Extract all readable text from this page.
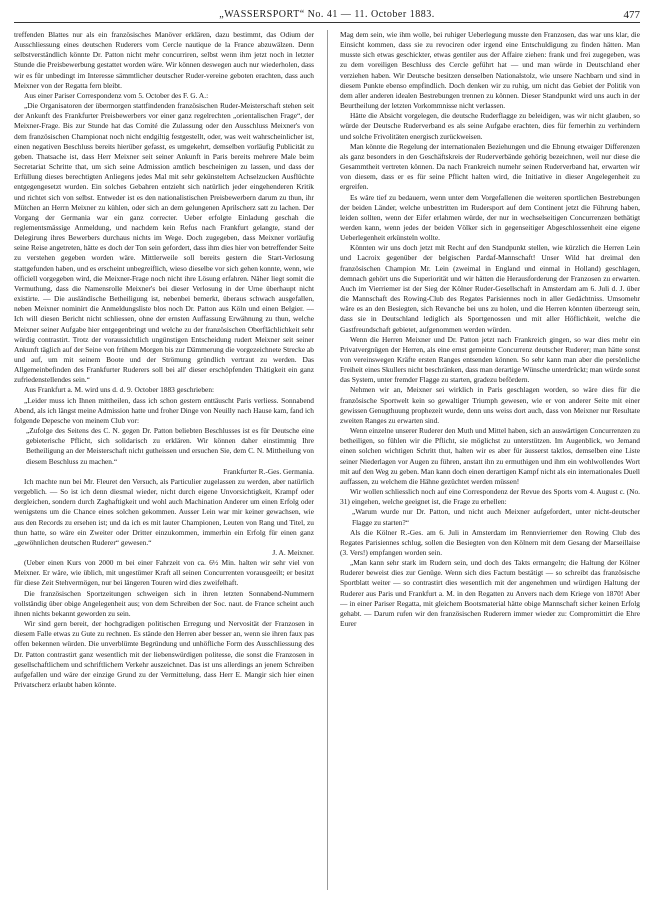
„WASSERSPORT“ No. 41 — 11. October 1883.	477

treffenden Blattes nur als ein französisches Manöver erklären, dazu bestimmt, das Odium der Ausschliessung eines deutschen Ruderers vom Cercle nautique de la France abzuwälzen. Denn selbstverständlich könnte Dr. Patton nicht mehr concurriren, selbst wenn ihm jetzt noch in letzter Stunde die Preisbewerbung gestattet worden wäre. Wir können deswegen auch nur wiederholen, dass wir es für unbedingt im Interesse sämmtlicher deutscher Ruder-vereine geboten erachten, dass auch Meixner von der Regatta fern bleibt.

Aus einer Pariser Correspondenz vom 5. October des F. G. A.:

„Die Organisatoren der übermorgen stattfindenden französischen Ruder-Meisterschaft stehen seit der Ankunft des Frankfurter Preisbewerbers vor einer ganz regelrechten „orientalischen Frage“, der Meixner-Frage. Bis zur Stunde hat das Comité die Zulassung oder den Ausschluss Meixner's von dem französischen Championat noch nicht endgiltig festgestellt, oder, was weit wahrscheinlicher ist, einen negativen Beschluss bereits hierüber gefasst, es umgekehrt, demselben vorläufig Publicität zu geben. Thatsache ist, dass Herr Meixner seit seiner Ankunft in Paris bereits mehrere Male beim Secretariat Schritte that, um sich seine Admission amtlich bescheinigen zu lassen, und dass der Erfüllung dieses berechtigten Anliegens jedes Mal mit sehr gekünsteltem Achselzucken Ausflüchte entgegengesetzt wurden. Ein solches Gebahren entzieht sich natürlich jeder eingehenderen Kritik und richtet sich von selbst. Entweder ist es den nationalistischen Preisbewerbern darum zu thun, ihr Mütchen an Herrn Meixner zu kühlen, oder sich an dem gelungenen Aprilscherz satt zu lachen. Der Vorgang der Germania war ein ganz correcter. Ueber erfolgte Einladung geschah die reglementsmässige Anmeldung, und nachdem kein Refus nach Frankfurt gelangte, stand der Delegirung ihres Bewerbers durchaus nichts im Wege. Doch zugegeben, dass Meixner vorläufig seine Reise angetreten, hätte es doch der Ton sein gefordert, dass ihm dies hier von betreffender Seite zu verstehen gegeben worden wäre. Mittlerweile soll bereits gestern die Start-Verlosung stattgefunden haben, und es erscheint unbegreiflich, wieso dieselbe vor sich gehen konnte, wenn, wie officiell vorgegeben wird, die Meixner-Frage noch nicht ihre Lösung erfahren. Näher liegt somit die Vermuthung, dass die Namensrolle Meixner's bei dieser Verlosung in der Urne überhaupt nicht existirte. — Die ausländische Betheiligung ist, nebenbei bemerkt, überaus schwach ausgefallen, neben Meixner nominirt die Anmeldungsliste blos noch Dr. Patton aus Köln und einen Belgier. — Ich will diesen Bericht nicht schliessen, ohne der ernsten Auffassung Erwähnung zu thun, welche Meixner seiner Aufgabe hier entgegenbringt und welche zu der französischen Oberflächlichkeit sehr würdig contrastirt. Trotz der voraussichtlich ungünstigen Entscheidung rudert Meixner seit seiner Ankunft täglich auf der Seine von frühem Morgen bis zur Dämmerung die vorgezeichnete Strecke ab und auf, um mit seinem Boote und der Strömung gründlich vertraut zu werden. Das Allgemeinbefinden des Frankfurter Ruderers soll bei all' dieser erschöpfenden Thätigkeit ein ganz zufriedenstellendes sein.“

Aus Frankfurt a. M. wird uns d. d. 9. October 1883 geschrieben:

„Leider muss ich Ihnen mittheilen, dass ich schon gestern enttäuscht Paris verliess. Sonnabend Abend, als ich längst meine Admission hatte und froher Dinge von Neuilly nach Hause kam, fand ich folgende Depesche von meinem Club vor:

„Zufolge des Seitens des C. N. gegen Dr. Patton beliebten Beschlusses ist es für Deutsche eine gebieterische Pflicht, sich solidarisch zu erklären. Wir können daher einstimmig Ihre Betheiligung an der Meisterschaft nicht gutheissen und ersuchen Sie, dem C. N. Mittheilung von diesem Beschluss zu machen.“

Frankfurter R.-Ges. Germania.

Ich machte nun bei Mr. Fleuret den Versuch, als Particulier zugelassen zu werden, aber natürlich vergeblich. — So ist ich denn diesmal wieder, nicht durch eigene Unvorsichtigkeit, Krampf oder dergleichen, sondern durch Zaghaftigkeit und wohl auch Machination Anderer um einen Erfolg oder wenigstens um die Chance eines solchen gekommen. Ausser Lein war mir keiner gewachsen, wie aus den Records zu ersehen ist; und da ich es mit lauter Championen, Leuten von Rang und Titel, zu thun hatte, so wäre ein Zweiter oder Dritter einzukommen, immerhin ein Erfolg für einen ganz „gewöhnlichen deutschen Ruderer“ gewesen.“

J. A. Meixner.

(Ueber einen Kurs von 2000 m bei einer Fahrzeit von ca. 6½ Min. halten wir sehr viel von Meixner. Er wäre, wie üblich, mit ungestümer Kraft all seinen Concurrenten vorausgeeilt; er besitzt für diese Zeit Stehvermögen, nur bei längeren Touren wird dies zweifelhaft.

Die französischen Sportzeitungen schweigen sich in ihren letzten Sonnabend-Nummern vollständig über obige Angelegenheit aus; von dem Schreiben der Soc. naut. de France scheint auch ihnen nichts bekannt geworden zu sein.

Wir sind gern bereit, der hochgradigen politischen Erregung und Nervosität der Franzosen in diesem Falle etwas zu Gute zu rechnen. Es stände den Herren aber besser an, wenn sie ihren faux pas offen bekennen würden. Die unverblümte Begründung und unhöfliche Form des Ausschliessung des Dr. Patton contrastirt ganz wesentlich mit der liebenswürdigen politesse, die sonst die Franzosen in gesellschaftlichem und schriftlichem Verkehr auszeichnet. Das ist uns allerdings an jenem Schreiben aufgefallen und wäre der einzige Grund zu der Vermittelung, dass Herr E. Mangir sich hier einen Privatscherz erlaubt haben könnte.

Mag dem sein, wie ihm wolle, bei ruhiger Ueberlegung musste den Franzosen, das war uns klar, die Einsicht kommen, dass sie zu revociren oder irgend eine Entschuldigung zu finden hätten. Man musste sich etwas geschickter, etwas gentiler aus der Affaire ziehen: frank und frei zugegeben, was zu dem voreiligen Beschluss des Cercle geführt hat — und man würde in Deutschland eher verziehen haben. Wir Deutsche besitzen denselben Nationalstolz, wie unsere Nachbarn und sind in diesem Punkte ebenso empfindlich. Doch denken wir zu ruhig, um nicht das Gebiet der Politik von dem aller anderen idealen Bestrebungen trennen zu können. Dieser Standpunkt wird uns auch in der Beurtheilung der letzten Vorkommnisse nicht verlassen.

Hätte die Absicht vorgelegen, die deutsche Ruderflagge zu beleidigen, was wir nicht glauben, so würde der Deutsche Ruderverband es als seine Aufgabe erachten, dies für fernerhin zu verhindern und solche Frivolitäten energisch zurückweisen.

Man könnte die Regelung der internationalen Beziehungen und die Ebnung etwaiger Differenzen als ganz besonders in den Geschäftskreis der Ruderverbände gehörig bezeichnen, weil nur diese die Gesammtheit vertreten können. Da nach Frankreich numehr seinen Ruderverband hat, erwarten wir von diesem, dass er es für seine Pflicht halten wird, die Initiative in dieser Angelegenheit zu ergreifen.

Es wäre tief zu bedauern, wenn unter dem Vorgefallenen die weiteren sportlichen Bestrebungen der beiden Länder, welche unbestritten im Rudersport auf dem Continent jetzt die Führung haben, leiden sollten, wenn der Eifer erlahmen würde, der nur in wechselseitigen Concurrenzen bethätigt werden kann, wenn jedes der beiden Völker sich in gegenseitiger Abgeschlossenheit eine eigene Ueberlegenheit erkünsteln wollte.

Könnten wir uns doch jetzt mit Recht auf den Standpunkt stellen, wie kürzlich die Herren Lein und Lacroix gegenüber der belgischen Pardaf-Mannschaft! Unser Wild hat dreimal den französischen Champion Mr. Lein (zweimal in England und einmal in Holland) geschlagen, demnach gehört uns die Superiorität und wir hätten die Herausforderung der Franzosen zu erwarten. Auch im Vierriemer ist der Sieg der Kölner Ruder-Gesellschaft in Amsterdam am 6. Juli d. J. über die Mannschaft des Rowing-Club des Regates Parisiennes noch in aller Gedächtniss. Umsomehr wäre es an den Besiegten, sich Revanche bei uns zu holen, und die Herren könnten überzeugt sein, dass sie in Deutschland lediglich als Sportgenossen und mit aller Höflichkeit, welche die Gastfreundschaft gebietet, aufgenommen werden würden.

Wenn die Herren Meixner und Dr. Patton jetzt nach Frankreich gingen, so war dies mehr ein Privatvergnügen der Herren, als eine ernst gemeinte Concurrenz deutscher Ruderer; man hätte sonst von vereinswegen Kräfte ersten Ranges entsenden können. So sehr kann man aber die persönliche Freiheit eines Skullers nicht beschränken, dass man derartige Wünsche unterdrückt; man würde sonst das System, unter fremder Flagge zu starten, gradezu befördern.

Nehmen wir an, Meixner sei wirklich in Paris geschlagen worden, so wäre dies für die französische Sportwelt kein so gewaltiger Triumph gewesen, wie er von anderer Seite mit einer gewissen Genugthuung prophezeit wurde, denn uns weiss dort auch, dass von Meixner nur Resultate zweiten Ranges zu erwarten sind.

Wenn einzelne unserer Ruderer den Muth und Mittel haben, sich an auswärtigen Concurrenzen zu betheiligen, so fühlen wir die Pflicht, sie möglichst zu unterstützen. Im Augenblick, wo Jemand einen solchen wichtigen Schritt thut, halten wir es aber für äusserst taktlos, demselben eine Liste seiner Niederlagen vor Augen zu führen, anstatt ihn zu ermuthigen und ihm ein wohlwollendes Wort mit auf den Weg zu geben. Man kann doch einen derartigen Kampf nicht als ein internationales Duell auffassen, zu welchem die Hähne gezüchtet werden müssen!

Wir wollen schliesslich noch auf eine Correspondenz der Revue des Sports vom 4. August c. (No. 31) eingehen, welche geeignet ist, die Frage zu erhellen:

„Warum wurde nur Dr. Patton, und nicht auch Meixner aufgefordert, unter nicht-deutscher Flagge zu starten?“

Als die Kölner R.-Ges. am 6. Juli in Amsterdam im Rennvierriemer den Rowing Club des Regates Parisiennes schlug, sollen die Besiegten von den Kölnern mit dem Gesang der Marseillaise (3. Vers!) empfangen worden sein.

„Man kann sehr stark im Rudern sein, und doch des Takts ermangeln; die Haltung der Kölner Ruderer beweist dies zur Genüge. Wenn sich dies Factum bestätigt — so schreibt das französische Sportblatt weiter — so contrastirt dies wesentlich mit der angenehmen und würdigen Haltung der Ruderer aus Paris und Frankfurt a. M. in den Regatten zu Anvers nach dem Kriege von 1870! Aber — in einer Pariser Regatta, mit gleichem Bootsmaterial hätte obige Mannschaft sicher keinen Erfolg gehabt. — Darum rufen wir den französischen Ruderern immer wieder zu: Compromittirt die Ehre Eurer
